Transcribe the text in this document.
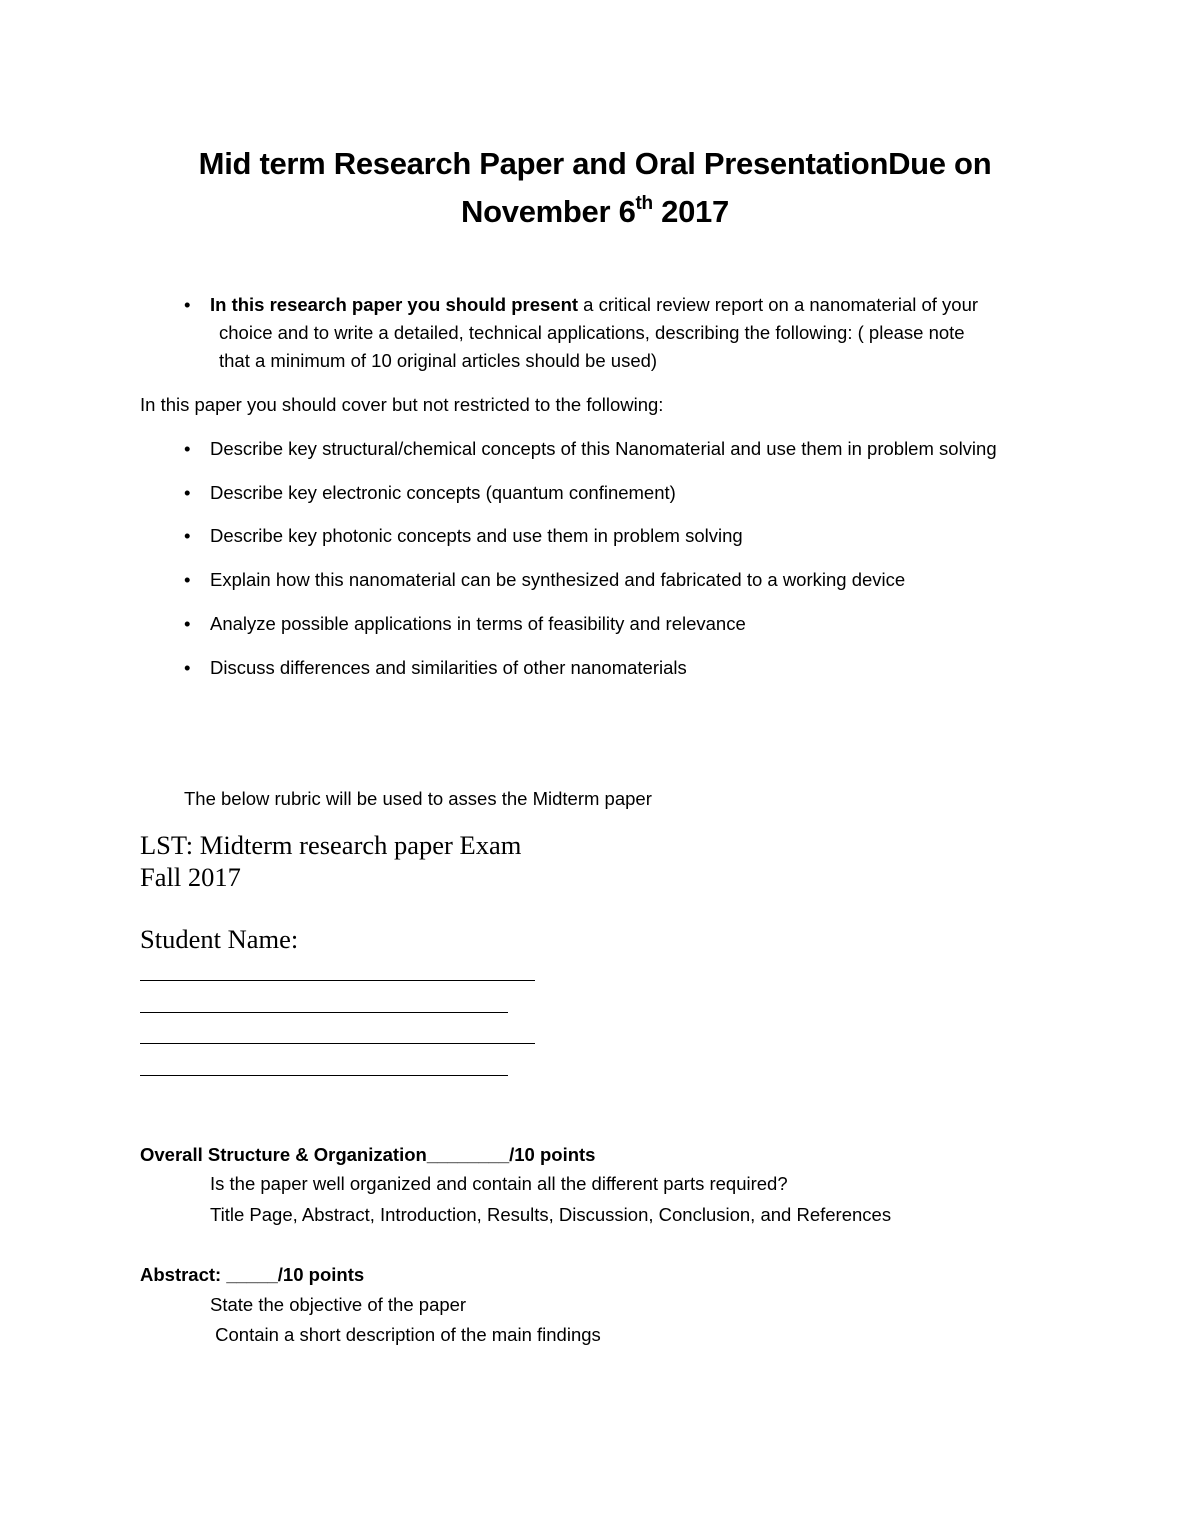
Mid term Research Paper and Oral PresentationDue on
November 6th 2017
• In this research paper you should present a critical review report on a nanomaterial of your
choice and to write a detailed, technical applications, describing the following: ( please note
that a minimum of 10 original articles should be used)
In this paper you should cover but not restricted to the following:
• Describe key structural/chemical concepts of this Nanomaterial and use them in problem solving
• Describe key electronic concepts (quantum confinement)
• Describe key photonic concepts and use them in problem solving
• Explain how this nanomaterial can be synthesized and fabricated to a working device
• Analyze possible applications in terms of feasibility and relevance
• Discuss differences and similarities of other nanomaterials
The below rubric will be used to asses the Midterm paper
LST: Midterm research paper Exam
Fall 2017
Student Name:
Overall Structure & Organization________/10 points
Is the paper well organized and contain all the different parts required?
Title Page, Abstract, Introduction, Results, Discussion, Conclusion, and References
Abstract: _____/10 points
State the objective of the paper
Contain a short description of the main findings
